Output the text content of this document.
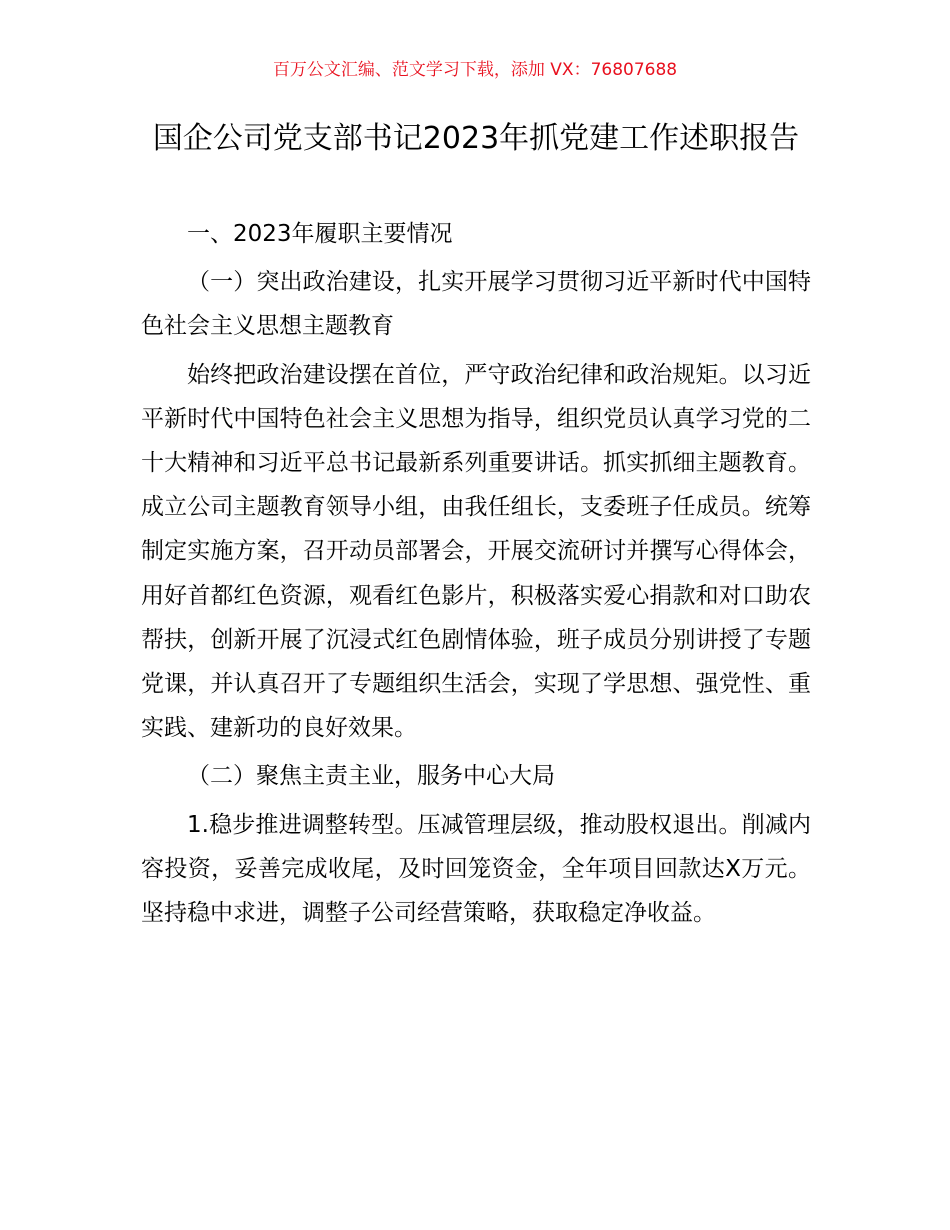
百万公文汇编、范文学习下载，添加 VX：76807688
国企公司党支部书记2023年抓党建工作述职报告

一、2023年履职主要情况

（一）突出政治建设，扎实开展学习贯彻习近平新时代中国特色社会主义思想主题教育

始终把政治建设摆在首位，严守政治纪律和政治规矩。以习近平新时代中国特色社会主义思想为指导，组织党员认真学习党的二十大精神和习近平总书记最新系列重要讲话。抓实抓细主题教育。成立公司主题教育领导小组，由我任组长，支委班子任成员。统筹制定实施方案，召开动员部署会，开展交流研讨并撰写心得体会，用好首都红色资源，观看红色影片，积极落实爱心捐款和对口助农帮扶，创新开展了沉浸式红色剧情体验，班子成员分别讲授了专题党课，并认真召开了专题组织生活会，实现了学思想、强党性、重实践、建新功的良好效果。

（二）聚焦主责主业，服务中心大局

1.稳步推进调整转型。压减管理层级，推动股权退出。削减内容投资，妥善完成收尾，及时回笼资金，全年项目回款达X万元。坚持稳中求进，调整子公司经营策略，获取稳定净收益。
